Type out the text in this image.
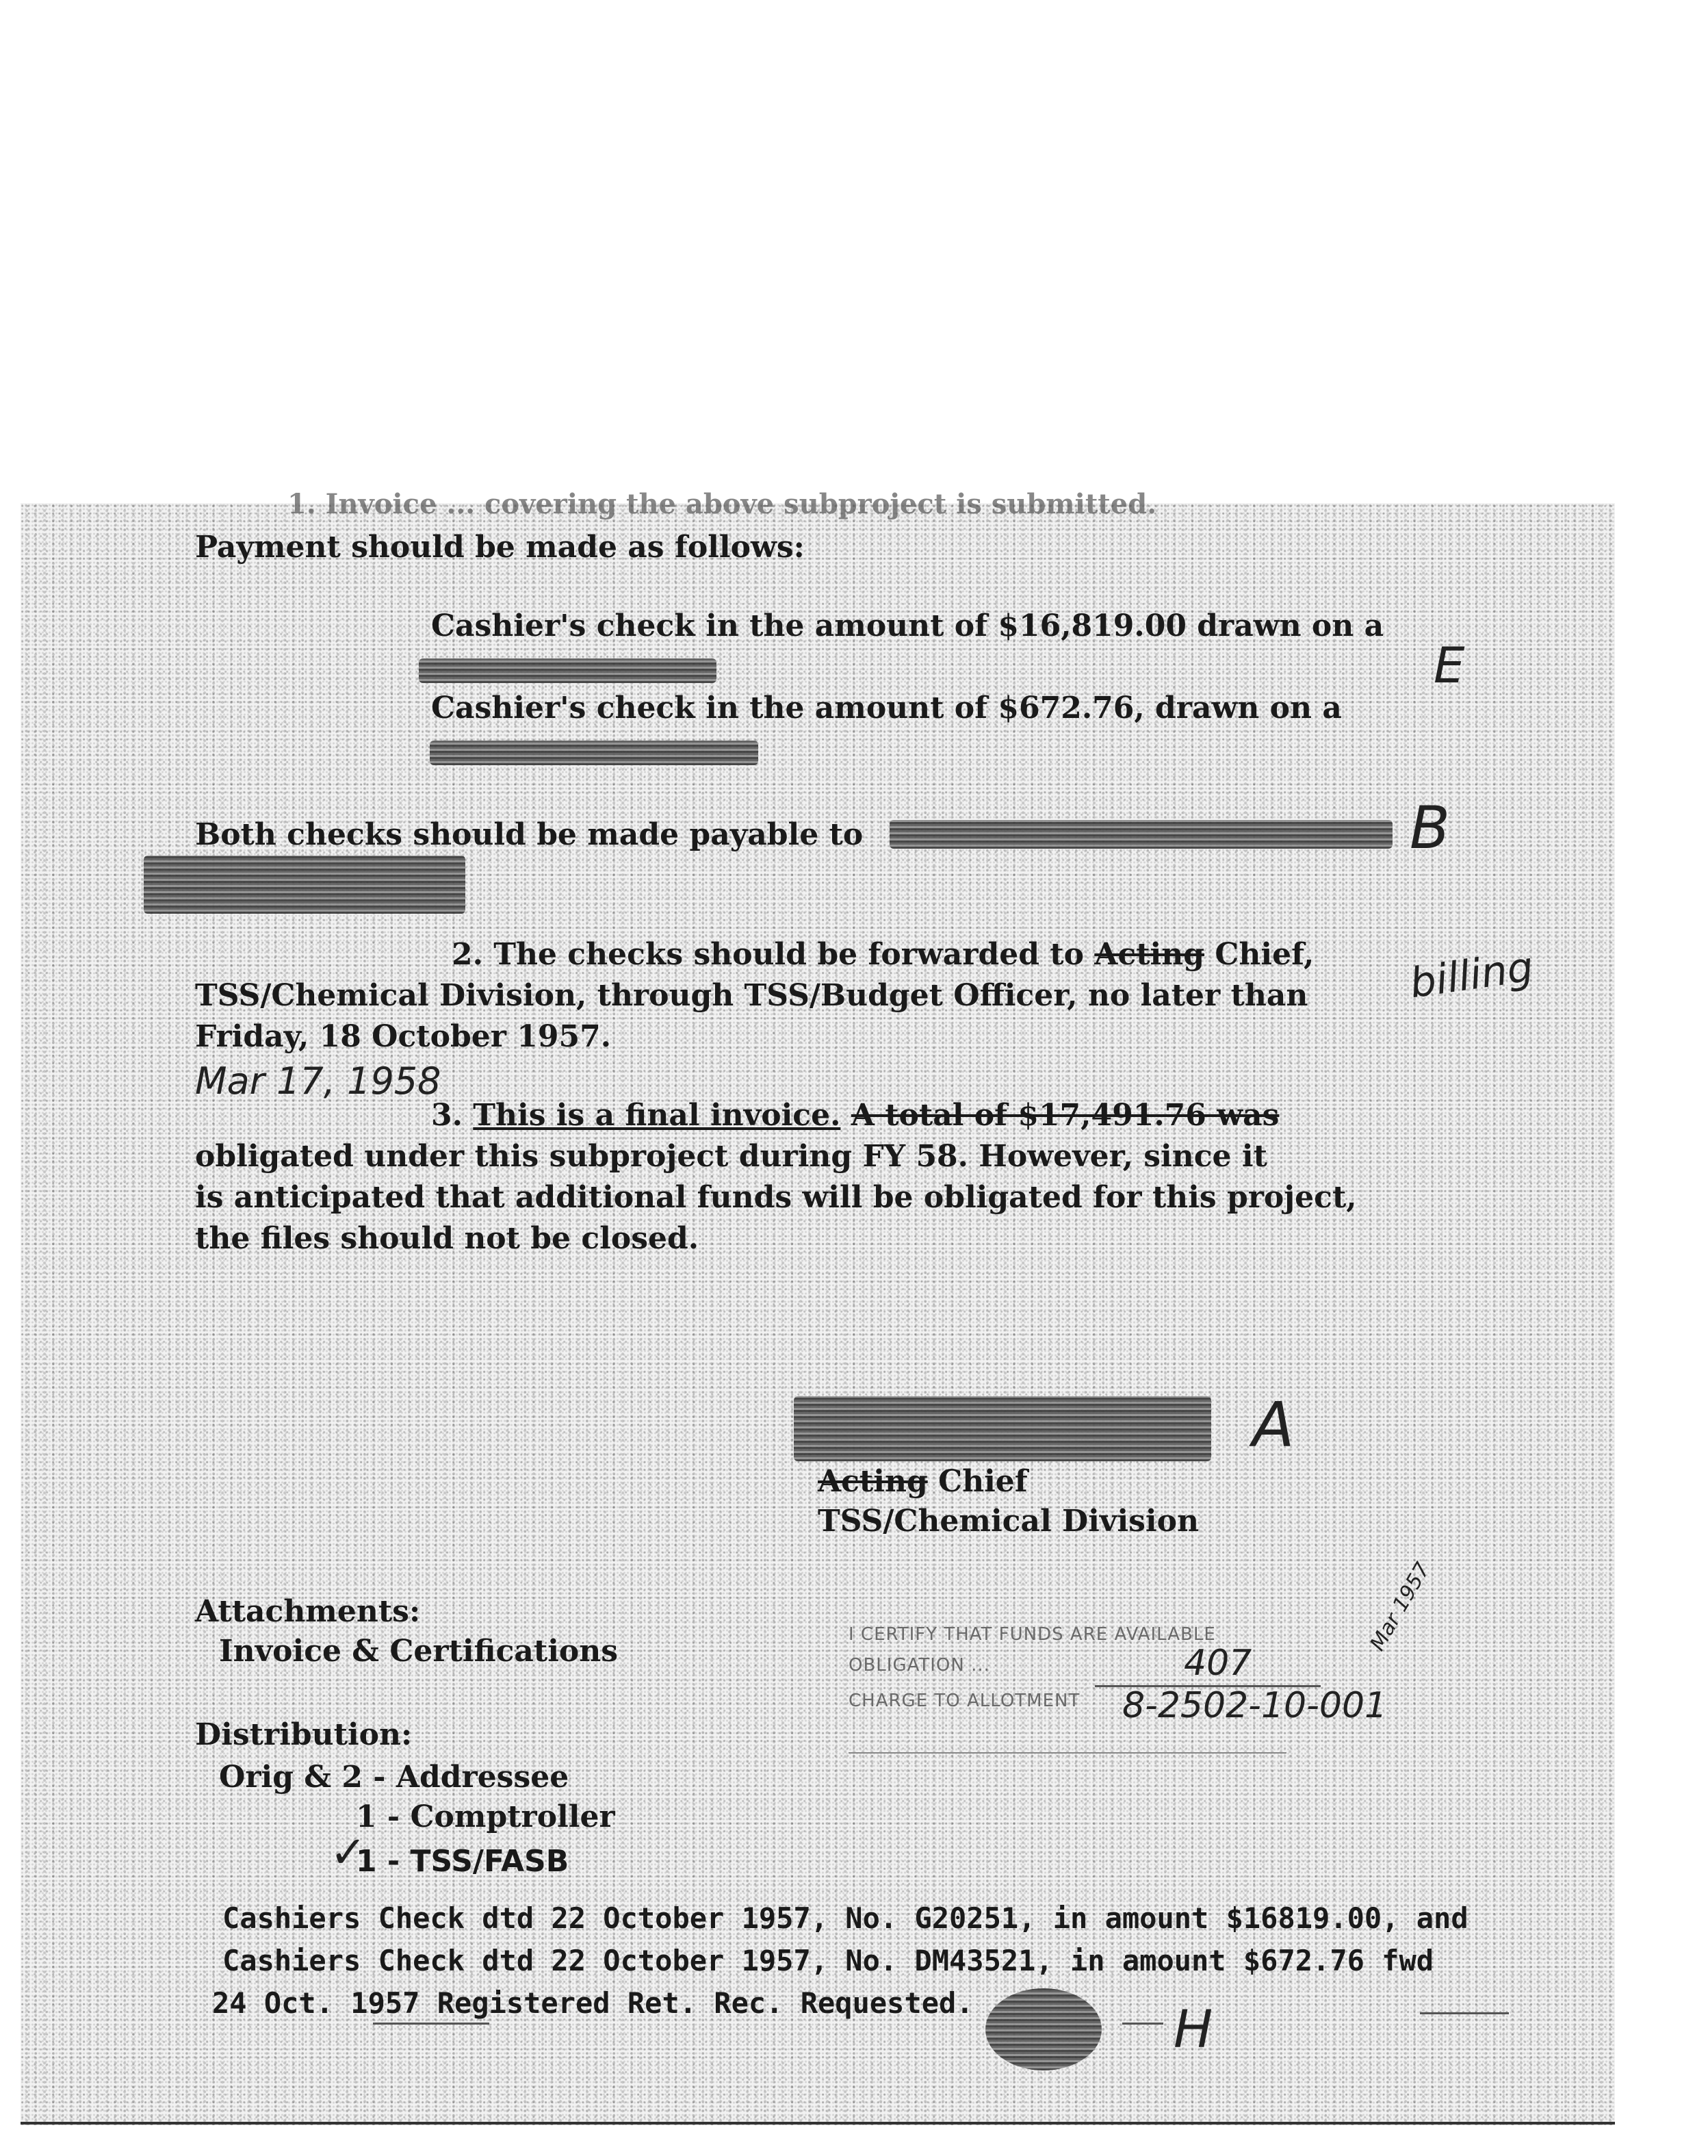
1. Invoice ... covering the above subproject is submitted.
Payment should be made as follows:
Cashier's check in the amount of $16,819.00 drawn on a
Cashier's check in the amount of $672.76, drawn on a
Both checks should be made payable to
2. The checks should be forwarded to Acting Chief,
TSS/Chemical Division, through TSS/Budget Officer, no later than
Friday, 18 October 1957.
3. This is a final invoice. A total of $17,491.76 was
obligated under this subproject during FY 58. However, since it
is anticipated that additional funds will be obligated for this project,
the files should not be closed.
Acting Chief
TSS/Chemical Division
Attachments:
Invoice & Certifications
Distribution:
Orig & 2 - Addressee
1 - Comptroller
1 - TSS/FASB
✓
I CERTIFY THAT FUNDS ARE AVAILABLE
OBLIGATION ...	407
CHARGE TO ALLOTMENT 8-2502-10-001
Cashiers Check dtd 22 October 1957, No. G20251, in amount $16819.00, and
Cashiers Check dtd 22 October 1957, No. DM43521, in amount $672.76 fwd
24 Oct. 1957 Registered Ret. Rec. Requested.
E
B
A
H
billing
Mar 17, 1958
Mar 1957
